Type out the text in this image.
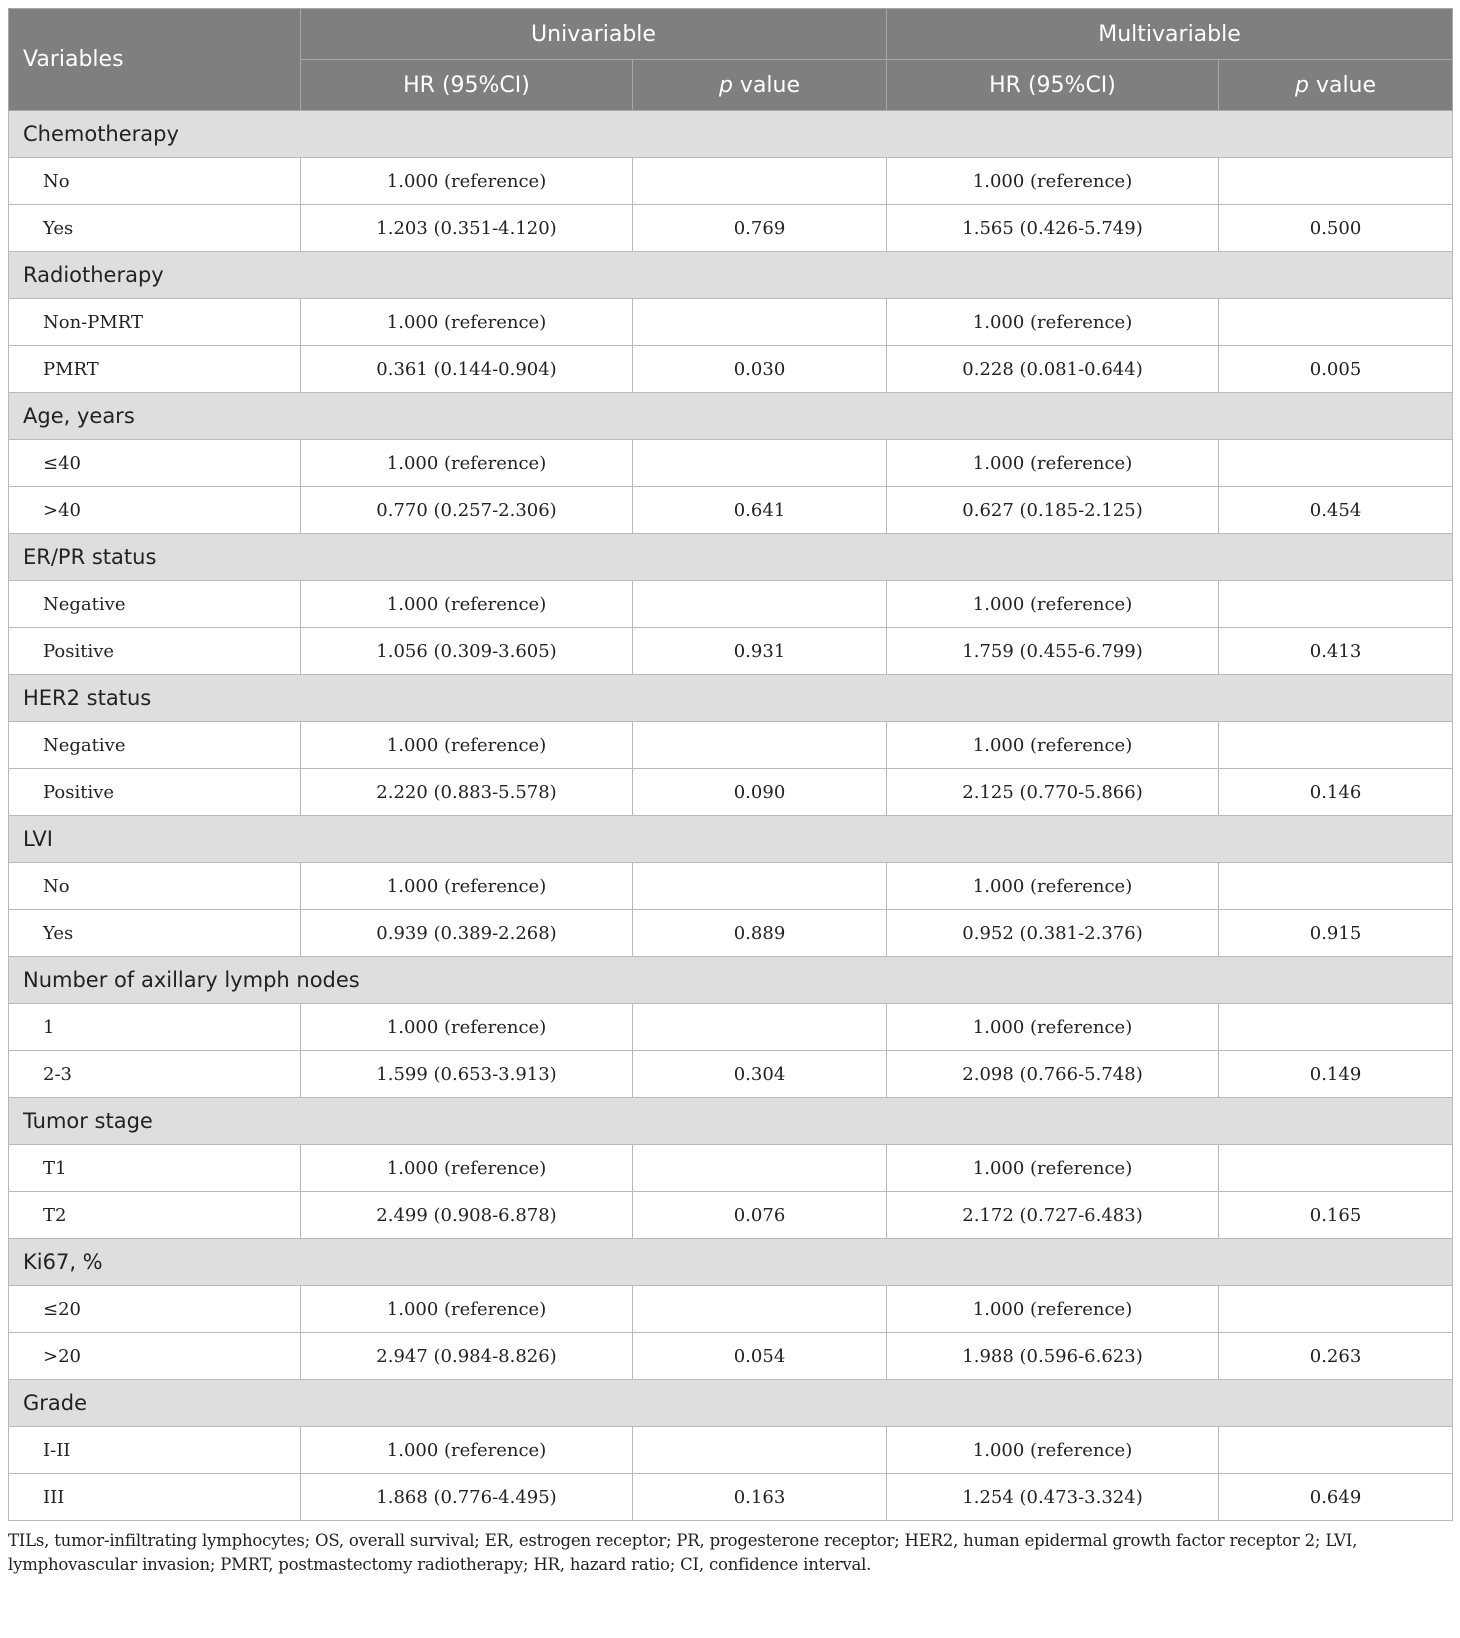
Variables	Univariable		Multivariable	
	HR (95%CI)	p value	HR (95%CI)	p value
Chemotherapy				
No	1.000 (reference)		1.000 (reference)	
Yes	1.203 (0.351-4.120)	0.769	1.565 (0.426-5.749)	0.500
Radiotherapy				
Non-PMRT	1.000 (reference)		1.000 (reference)	
PMRT	0.361 (0.144-0.904)	0.030	0.228 (0.081-0.644)	0.005
Age, years				
≤40	1.000 (reference)		1.000 (reference)	
>40	0.770 (0.257-2.306)	0.641	0.627 (0.185-2.125)	0.454
ER/PR status				
Negative	1.000 (reference)		1.000 (reference)	
Positive	1.056 (0.309-3.605)	0.931	1.759 (0.455-6.799)	0.413
HER2 status				
Negative	1.000 (reference)		1.000 (reference)	
Positive	2.220 (0.883-5.578)	0.090	2.125 (0.770-5.866)	0.146
LVI				
No	1.000 (reference)		1.000 (reference)	
Yes	0.939 (0.389-2.268)	0.889	0.952 (0.381-2.376)	0.915
Number of axillary lymph nodes				
1	1.000 (reference)		1.000 (reference)	
2-3	1.599 (0.653-3.913)	0.304	2.098 (0.766-5.748)	0.149
Tumor stage				
T1	1.000 (reference)		1.000 (reference)	
T2	2.499 (0.908-6.878)	0.076	2.172 (0.727-6.483)	0.165
Ki67, %				
≤20	1.000 (reference)		1.000 (reference)	
>20	2.947 (0.984-8.826)	0.054	1.988 (0.596-6.623)	0.263
Grade				
I-II	1.000 (reference)		1.000 (reference)	
III	1.868 (0.776-4.495)	0.163	1.254 (0.473-3.324)	0.649
TILs, tumor-infiltrating lymphocytes; OS, overall survival; ER, estrogen receptor; PR, progesterone receptor; HER2, human epidermal growth factor receptor 2; LVI, lymphovascular invasion; PMRT, postmastectomy radiotherapy; HR, hazard ratio; CI, confidence interval.
